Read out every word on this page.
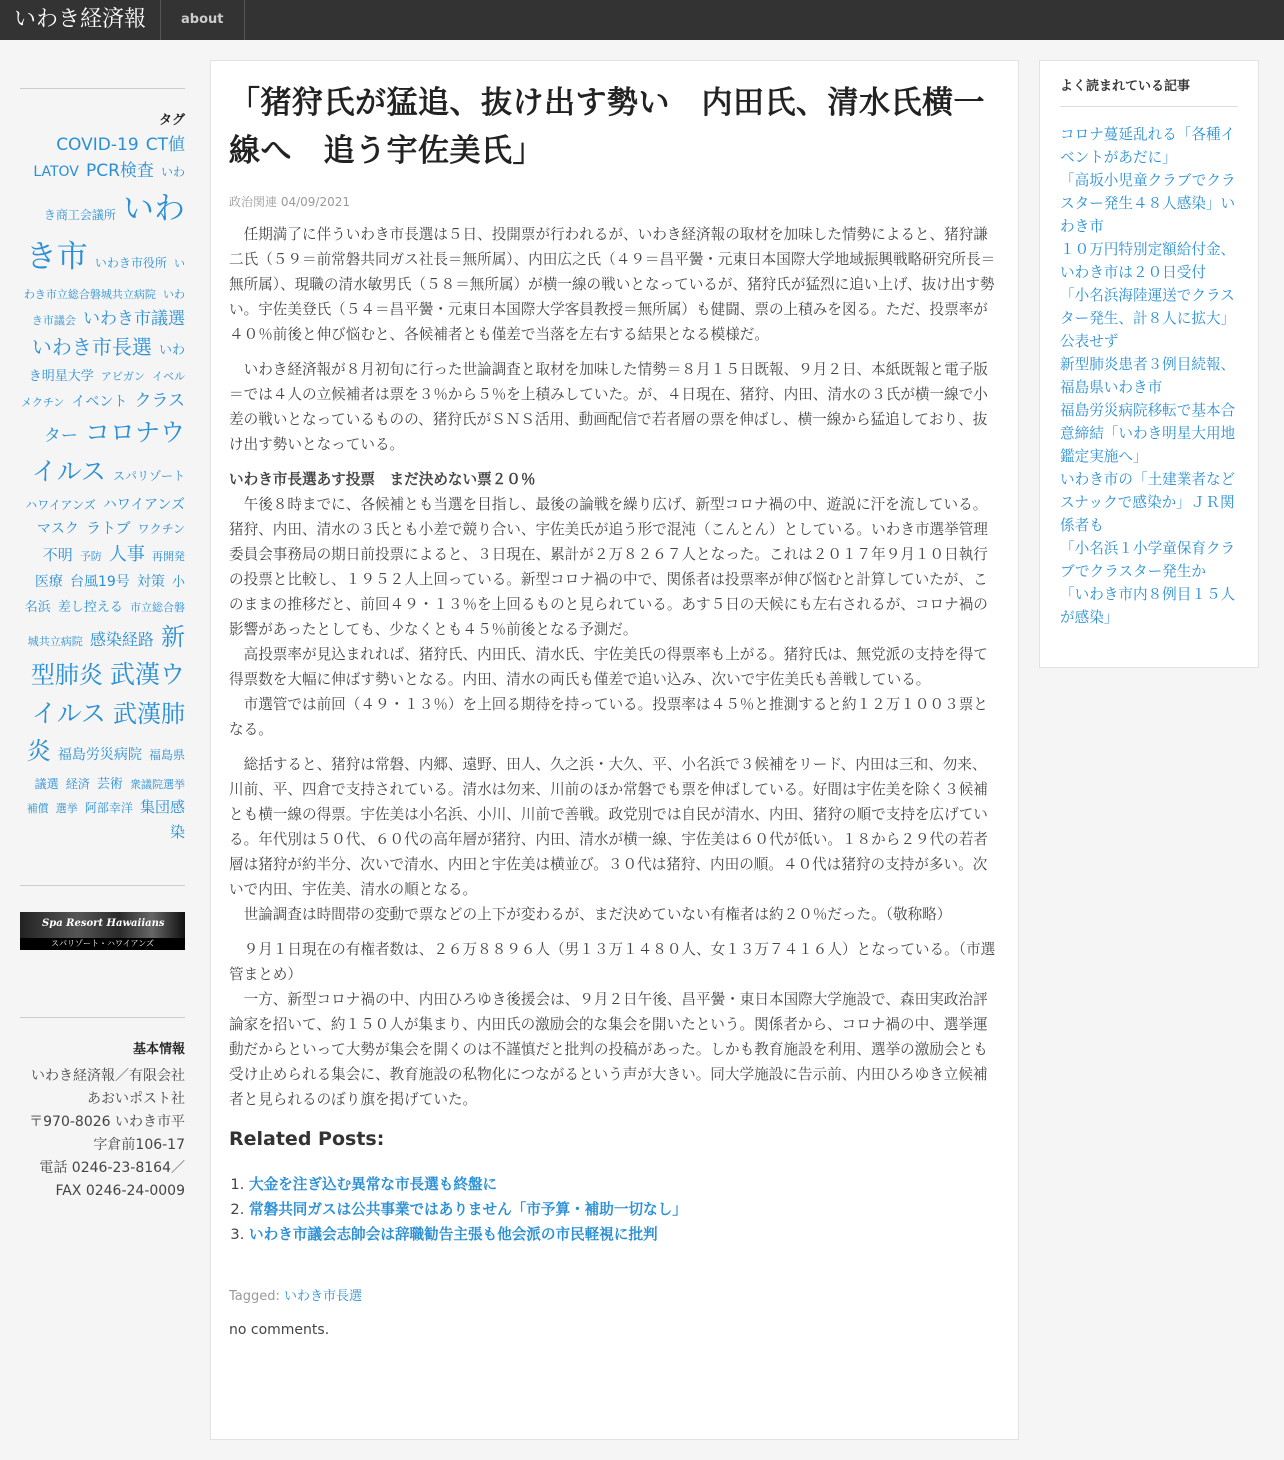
いわき経済報	about
タグ
COVID-19 CT値 LATOV PCR検査 いわき商工会議所 いわき市 いわき市役所 いわき市立総合磐城共立病院 いわき市議会 いわき市議選 いわき市長選 いわき明星大学 アビガン イベルメクチン イベント クラスター コロナウイルス スパリゾートハワイアンズ ハワイアンズ マスク ラトブ ワクチン 不明 予防 人事 再開発 医療 台風19号 対策 小名浜 差し控える 市立総合磐城共立病院 感染経路 新型肺炎 武漢ウイルス 武漢肺炎 福島労災病院 福島県議選 経済 芸術 衆議院選挙 補償 選挙 阿部幸洋 集団感染
Spa Resort Hawaiians
スパリゾート・ハワイアンズ
基本情報
いわき経済報／有限会社
あおいポスト社
〒970-8026 いわき市平
字倉前106-17
電話 0246-23-8164／
FAX 0246-24-0009
「猪狩氏が猛追、抜け出す勢い　内田氏、清水氏横一線へ　追う宇佐美氏」
政治関連 04/09/2021

　任期満了に伴ういわき市長選は５日、投開票が行われるが、いわき経済報の取材を加味した情勢によると、猪狩謙二氏（５９＝前常磐共同ガス社長＝無所属）、内田広之氏（４９＝昌平黌・元東日本国際大学地域振興戦略研究所長＝無所属）、現職の清水敏男氏（５８＝無所属）が横一線の戦いとなっているが、猪狩氏が猛烈に追い上げ、抜け出す勢い。宇佐美登氏（５４＝昌平黌・元東日本国際大学客員教授＝無所属）も健闘、票の上積みを図る。ただ、投票率が４０％前後と伸び悩むと、各候補者とも僅差で当落を左右する結果となる模様だ。

　いわき経済報が８月初旬に行った世論調査と取材を加味した情勢＝８月１５日既報、９月２日、本紙既報と電子版＝では４人の立候補者は票を３％から５％を上積みしていた。が、４日現在、猪狩、内田、清水の３氏が横一線で小差の戦いとなっているものの、猪狩氏がＳＮＳ活用、動画配信で若者層の票を伸ばし、横一線から猛追しており、抜け出す勢いとなっている。

いわき市長選あす投票　まだ決めない票２０％

　午後８時までに、各候補とも当選を目指し、最後の論戦を繰り広げ、新型コロナ禍の中、遊説に汗を流している。猪狩、内田、清水の３氏とも小差で競り合い、宇佐美氏が追う形で混沌（こんとん）としている。いわき市選挙管理委員会事務局の期日前投票によると、３日現在、累計が２万８２６７人となった。これは２０１７年９月１０日執行の投票と比較し、１９５２人上回っている。新型コロナ禍の中で、関係者は投票率が伸び悩むと計算していたが、このままの推移だと、前回４９・１３％を上回るものと見られている。あす５日の天候にも左右されるが、コロナ禍の影響があったとしても、少なくとも４５％前後となる予測だ。

　高投票率が見込まれれば、猪狩氏、内田氏、清水氏、宇佐美氏の得票率も上がる。猪狩氏は、無党派の支持を得て得票数を大幅に伸ばす勢いとなる。内田、清水の両氏も僅差で追い込み、次いで宇佐美氏も善戦している。

　市選管では前回（４９・１３％）を上回る期待を持っている。投票率は４５％と推測すると約１２万１００３票となる。

　総括すると、猪狩は常磐、内郷、遠野、田人、久之浜・大久、平、小名浜で３候補をリード、内田は三和、勿来、川前、平、四倉で支持されている。清水は勿来、川前のほか常磐でも票を伸ばしている。好間は宇佐美を除く３候補とも横一線の得票。宇佐美は小名浜、小川、川前で善戦。政党別では自民が清水、内田、猪狩の順で支持を広げている。年代別は５０代、６０代の高年層が猪狩、内田、清水が横一線、宇佐美は６０代が低い。１８から２９代の若者層は猪狩が約半分、次いで清水、内田と宇佐美は横並び。３０代は猪狩、内田の順。４０代は猪狩の支持が多い。次いで内田、宇佐美、清水の順となる。

　世論調査は時間帯の変動で票などの上下が変わるが、まだ決めていない有権者は約２０％だった。（敬称略）

　９月１日現在の有権者数は、２６万８８９６人（男１３万１４８０人、女１３万７４１６人）となっている。（市選管まとめ）

　一方、新型コロナ禍の中、内田ひろゆき後援会は、９月２日午後、昌平黌・東日本国際大学施設で、森田実政治評論家を招いて、約１５０人が集まり、内田氏の激励会的な集会を開いたという。関係者から、コロナ禍の中、選挙運動だからといって大勢が集会を開くのは不謹慎だと批判の投稿があった。しかも教育施設を利用、選挙の激励会とも受け止められる集会に、教育施設の私物化につながるという声が大きい。同大学施設に告示前、内田ひろゆき立候補者と見られるのぼり旗を掲げていた。

Related Posts:
1. 大金を注ぎ込む異常な市長選も終盤に
2. 常磐共同ガスは公共事業ではありません「市予算・補助一切なし」
3. いわき市議会志帥会は辞職勧告主張も他会派の市民軽視に批判
Tagged: いわき市長選
no comments.
よく読まれている記事
コロナ蔓延乱れる「各種イベントがあだに」
「高坂小児童クラブでクラスター発生４８人感染」いわき市
１０万円特別定額給付金、いわき市は２０日受付
「小名浜海陸運送でクラスター発生、計８人に拡大」公表せず
新型肺炎患者３例目続報、福島県いわき市
福島労災病院移転で基本合意締結「いわき明星大用地鑑定実施へ」
いわき市の「土建業者などスナックで感染か」ＪＲ関係者も
「小名浜１小学童保育クラブでクラスター発生か
「いわき市内８例目１５人が感染」
